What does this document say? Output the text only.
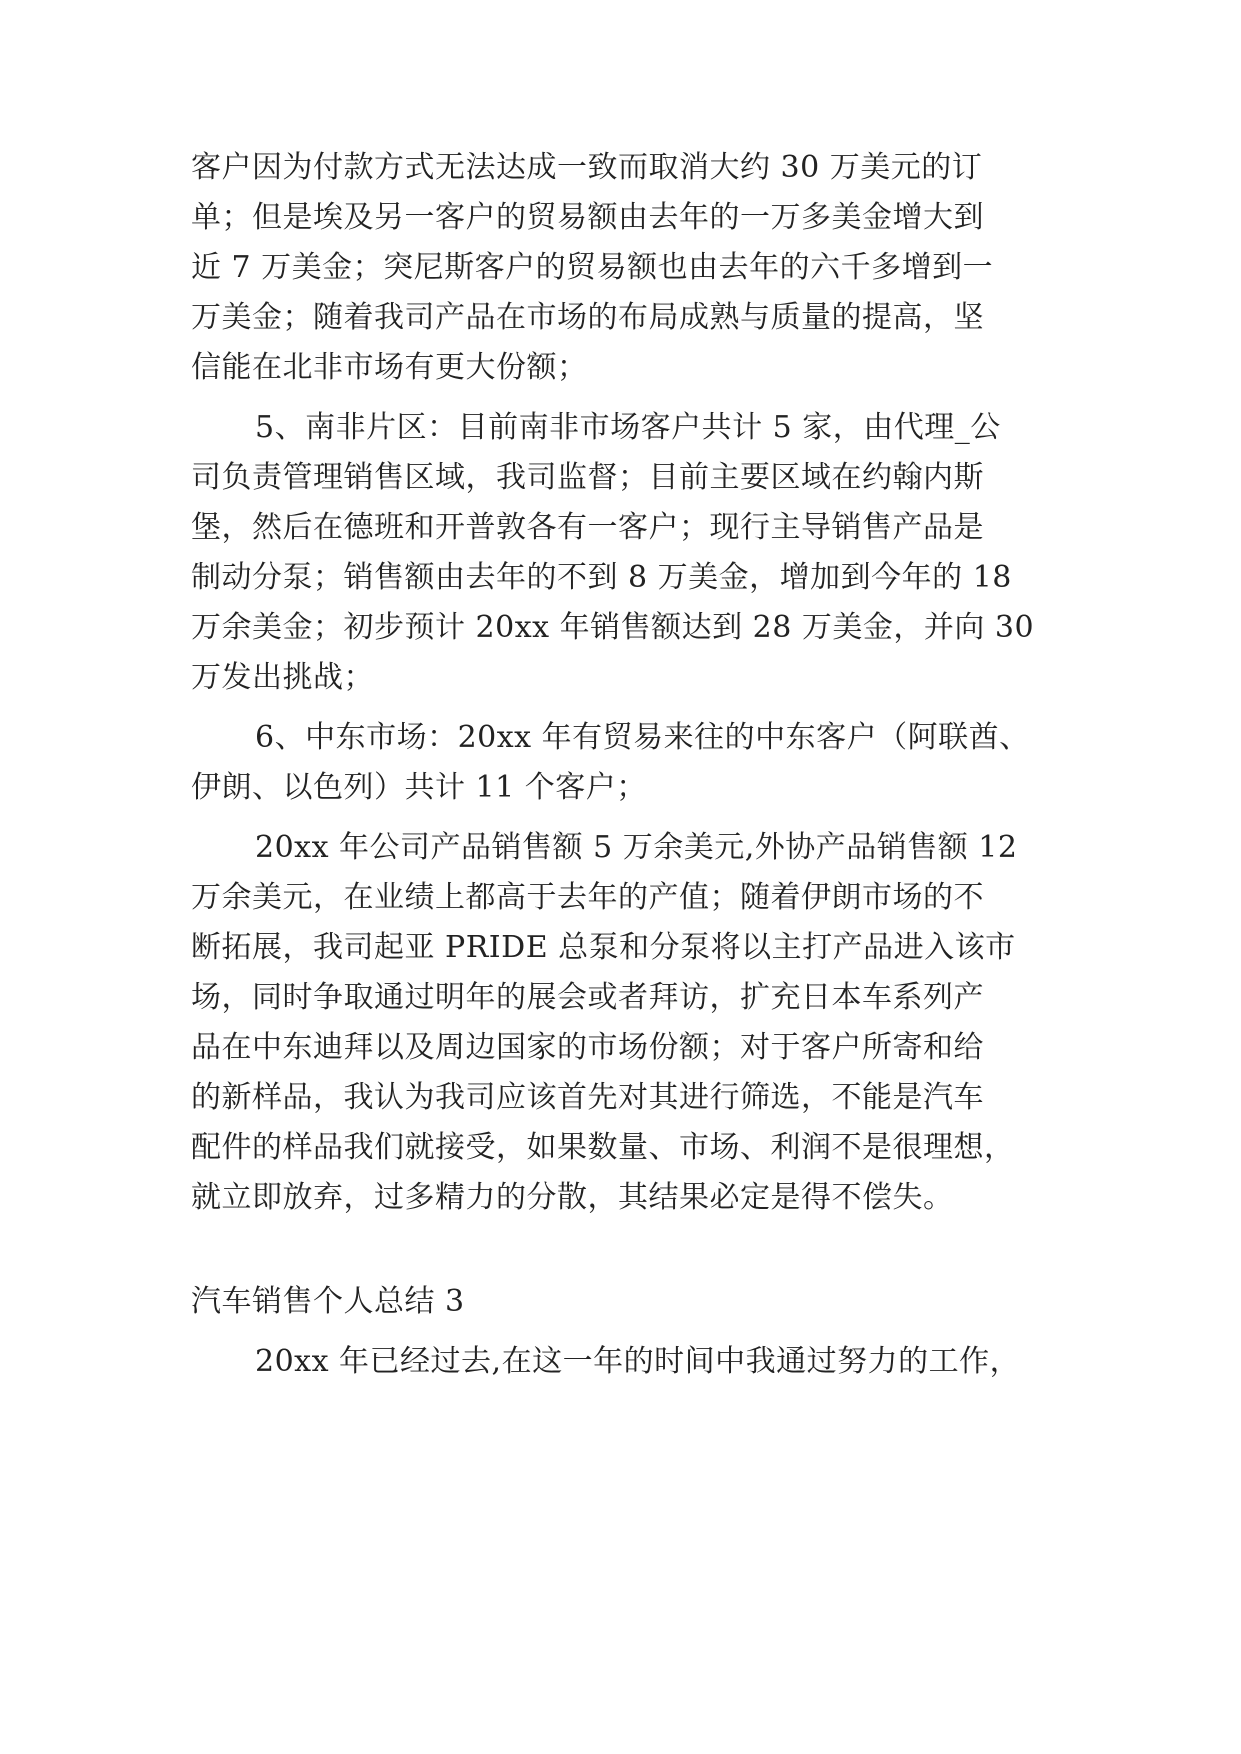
客户因为付款方式无法达成一致而取消大约 30 万美元的订
单；但是埃及另一客户的贸易额由去年的一万多美金增大到
近 7 万美金；突尼斯客户的贸易额也由去年的六千多增到一
万美金；随着我司产品在市场的布局成熟与质量的提高，坚
信能在北非市场有更大份额；
5、南非片区：目前南非市场客户共计 5 家，由代理_公
司负责管理销售区域，我司监督；目前主要区域在约翰内斯
堡，然后在德班和开普敦各有一客户；现行主导销售产品是
制动分泵；销售额由去年的不到 8 万美金，增加到今年的 18
万余美金；初步预计 20xx 年销售额达到 28 万美金，并向 30
万发出挑战；
6、中东市场：20xx 年有贸易来往的中东客户（阿联酋、
伊朗、以色列）共计 11 个客户；
20xx 年公司产品销售额 5 万余美元,外协产品销售额 12
万余美元，在业绩上都高于去年的产值；随着伊朗市场的不
断拓展，我司起亚 PRIDE 总泵和分泵将以主打产品进入该市
场，同时争取通过明年的展会或者拜访，扩充日本车系列产
品在中东迪拜以及周边国家的市场份额；对于客户所寄和给
的新样品，我认为我司应该首先对其进行筛选，不能是汽车
配件的样品我们就接受，如果数量、市场、利润不是很理想，
就立即放弃，过多精力的分散，其结果必定是得不偿失。
汽车销售个人总结 3
20xx 年已经过去,在这一年的时间中我通过努力的工作，
